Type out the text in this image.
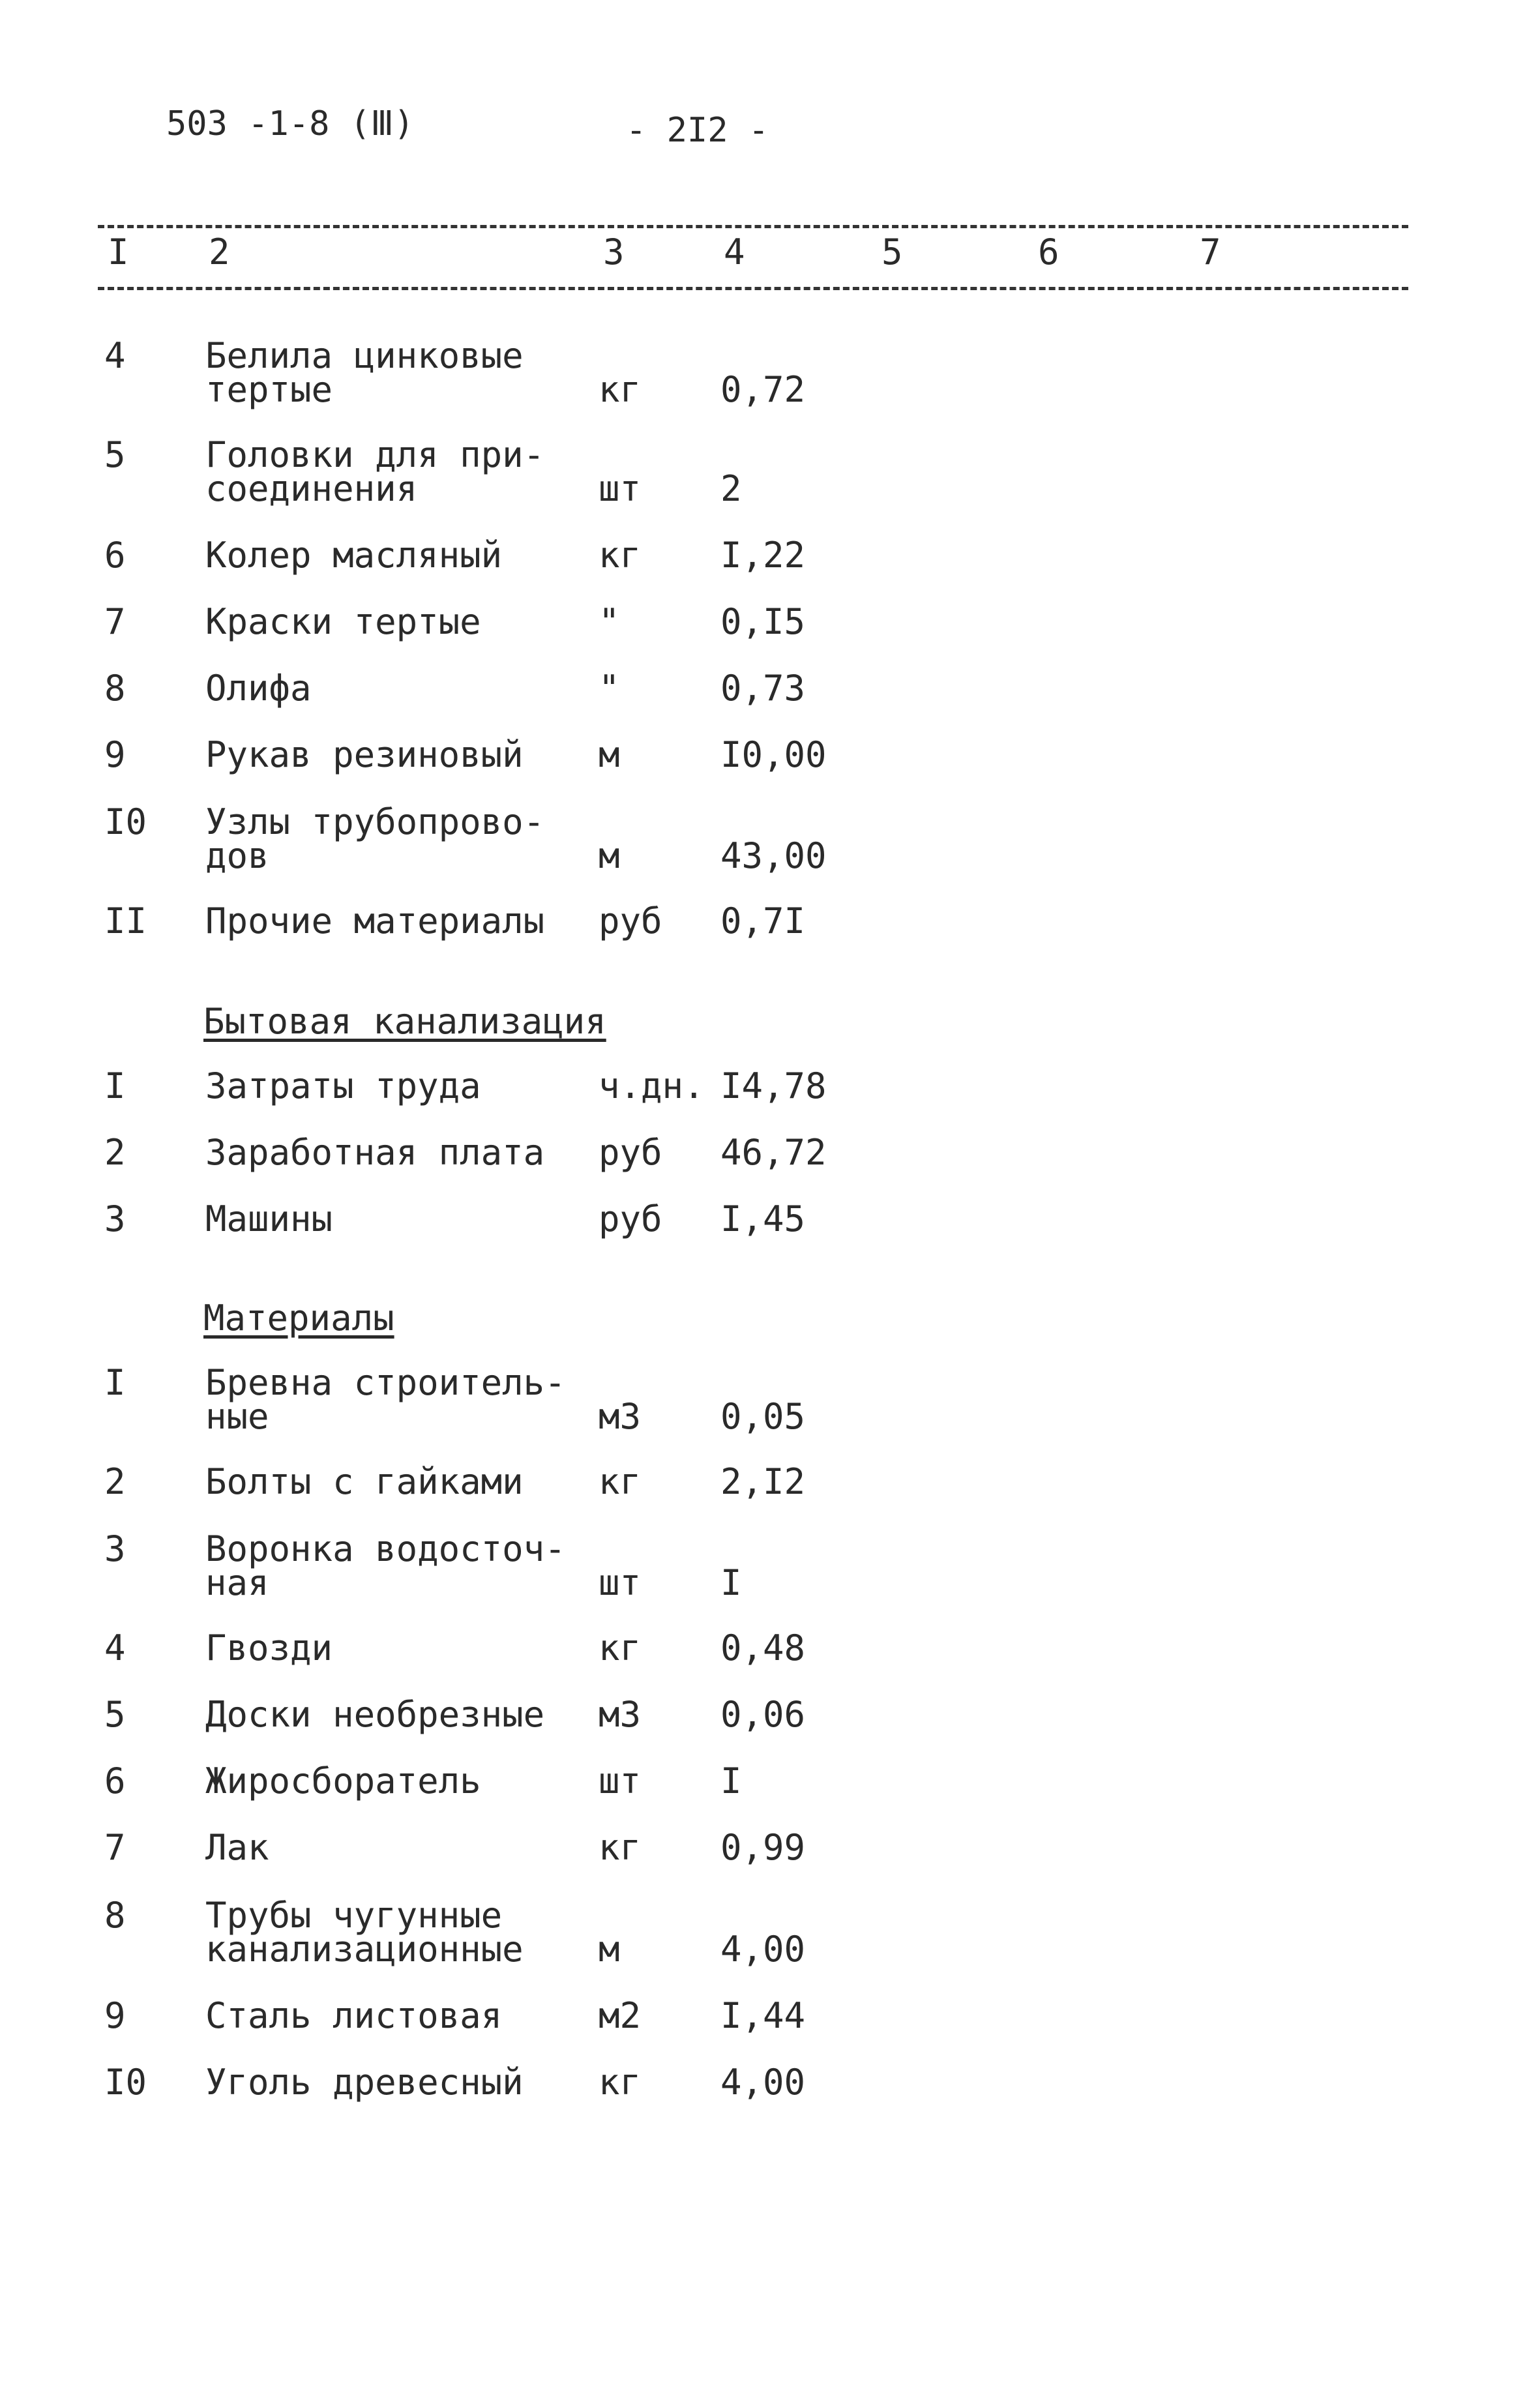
503 -1-8 (Ⅲ)	- 2I2 -
I 2	3	4	5	6	7
4 Белила цинковые
тертые	кг 0,72
5 Головки для при-
соединения	шт 2
6 Колер масляный	кг I,22
7 Краски тертые	"	0,I5
8 Олифа	"	0,73
9 Рукав резиновый	м	I0,00
I0 Узлы трубопрово-
дов	м	43,00
II Прочие материалы	руб 0,7I
Бытовая канализация
I Затраты труда	ч.дн. I4,78
2 Заработная плата	руб 46,72
3 Машины	руб I,45
Материалы
I Бревна строитель-
ные	м3 0,05
2 Болты с гайками	кг 2,I2
3 Воронка водосточ-
ная	шт I
4 Гвозди	кг 0,48
5 Доски необрезные	м3 0,06
6 Жиросборатель	шт I
7 Лак	кг 0,99
8 Трубы чугунные
канализационные	м	4,00
9 Сталь листовая	м2 I,44
I0 Уголь древесный	кг 4,00
